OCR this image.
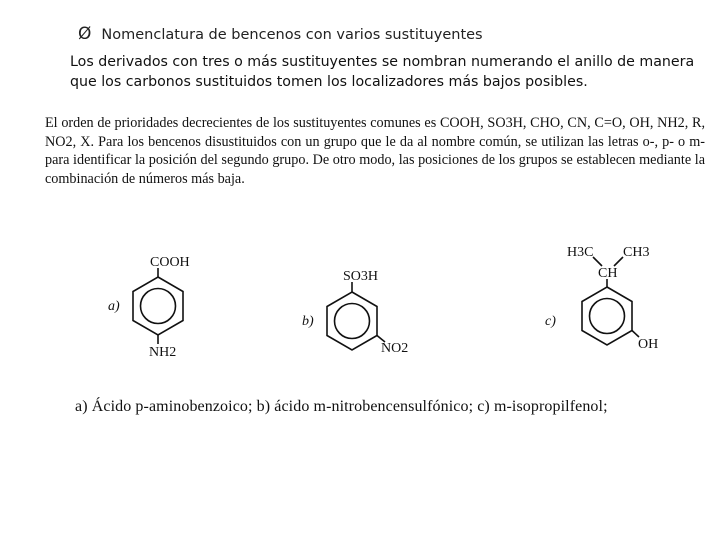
Ø Nomenclatura de bencenos con varios sustituyentes
Los derivados con tres o más sustituyentes se nombran numerando el anillo de manera que los carbonos sustituidos tomen los localizadores más bajos posibles.

El orden de prioridades decrecientes de los sustituyentes comunes es COOH, SO3H, CHO, CN, C=O, OH, NH2, R, NO2, X. Para los bencenos disustituidos con un grupo que le da al nombre común, se utilizan las letras o-, p- o m- para identificar la posición del segundo grupo. De otro modo, las posiciones de los grupos se establecen mediante la combinación de números más baja.

COOH
NH2
a)
SO3H
NO2
b)
H3C CH3
CH
OH
c)
a) Ácido p-aminobenzoico; b) ácido m-nitrobencensulfónico; c) m-isopropilfenol;
